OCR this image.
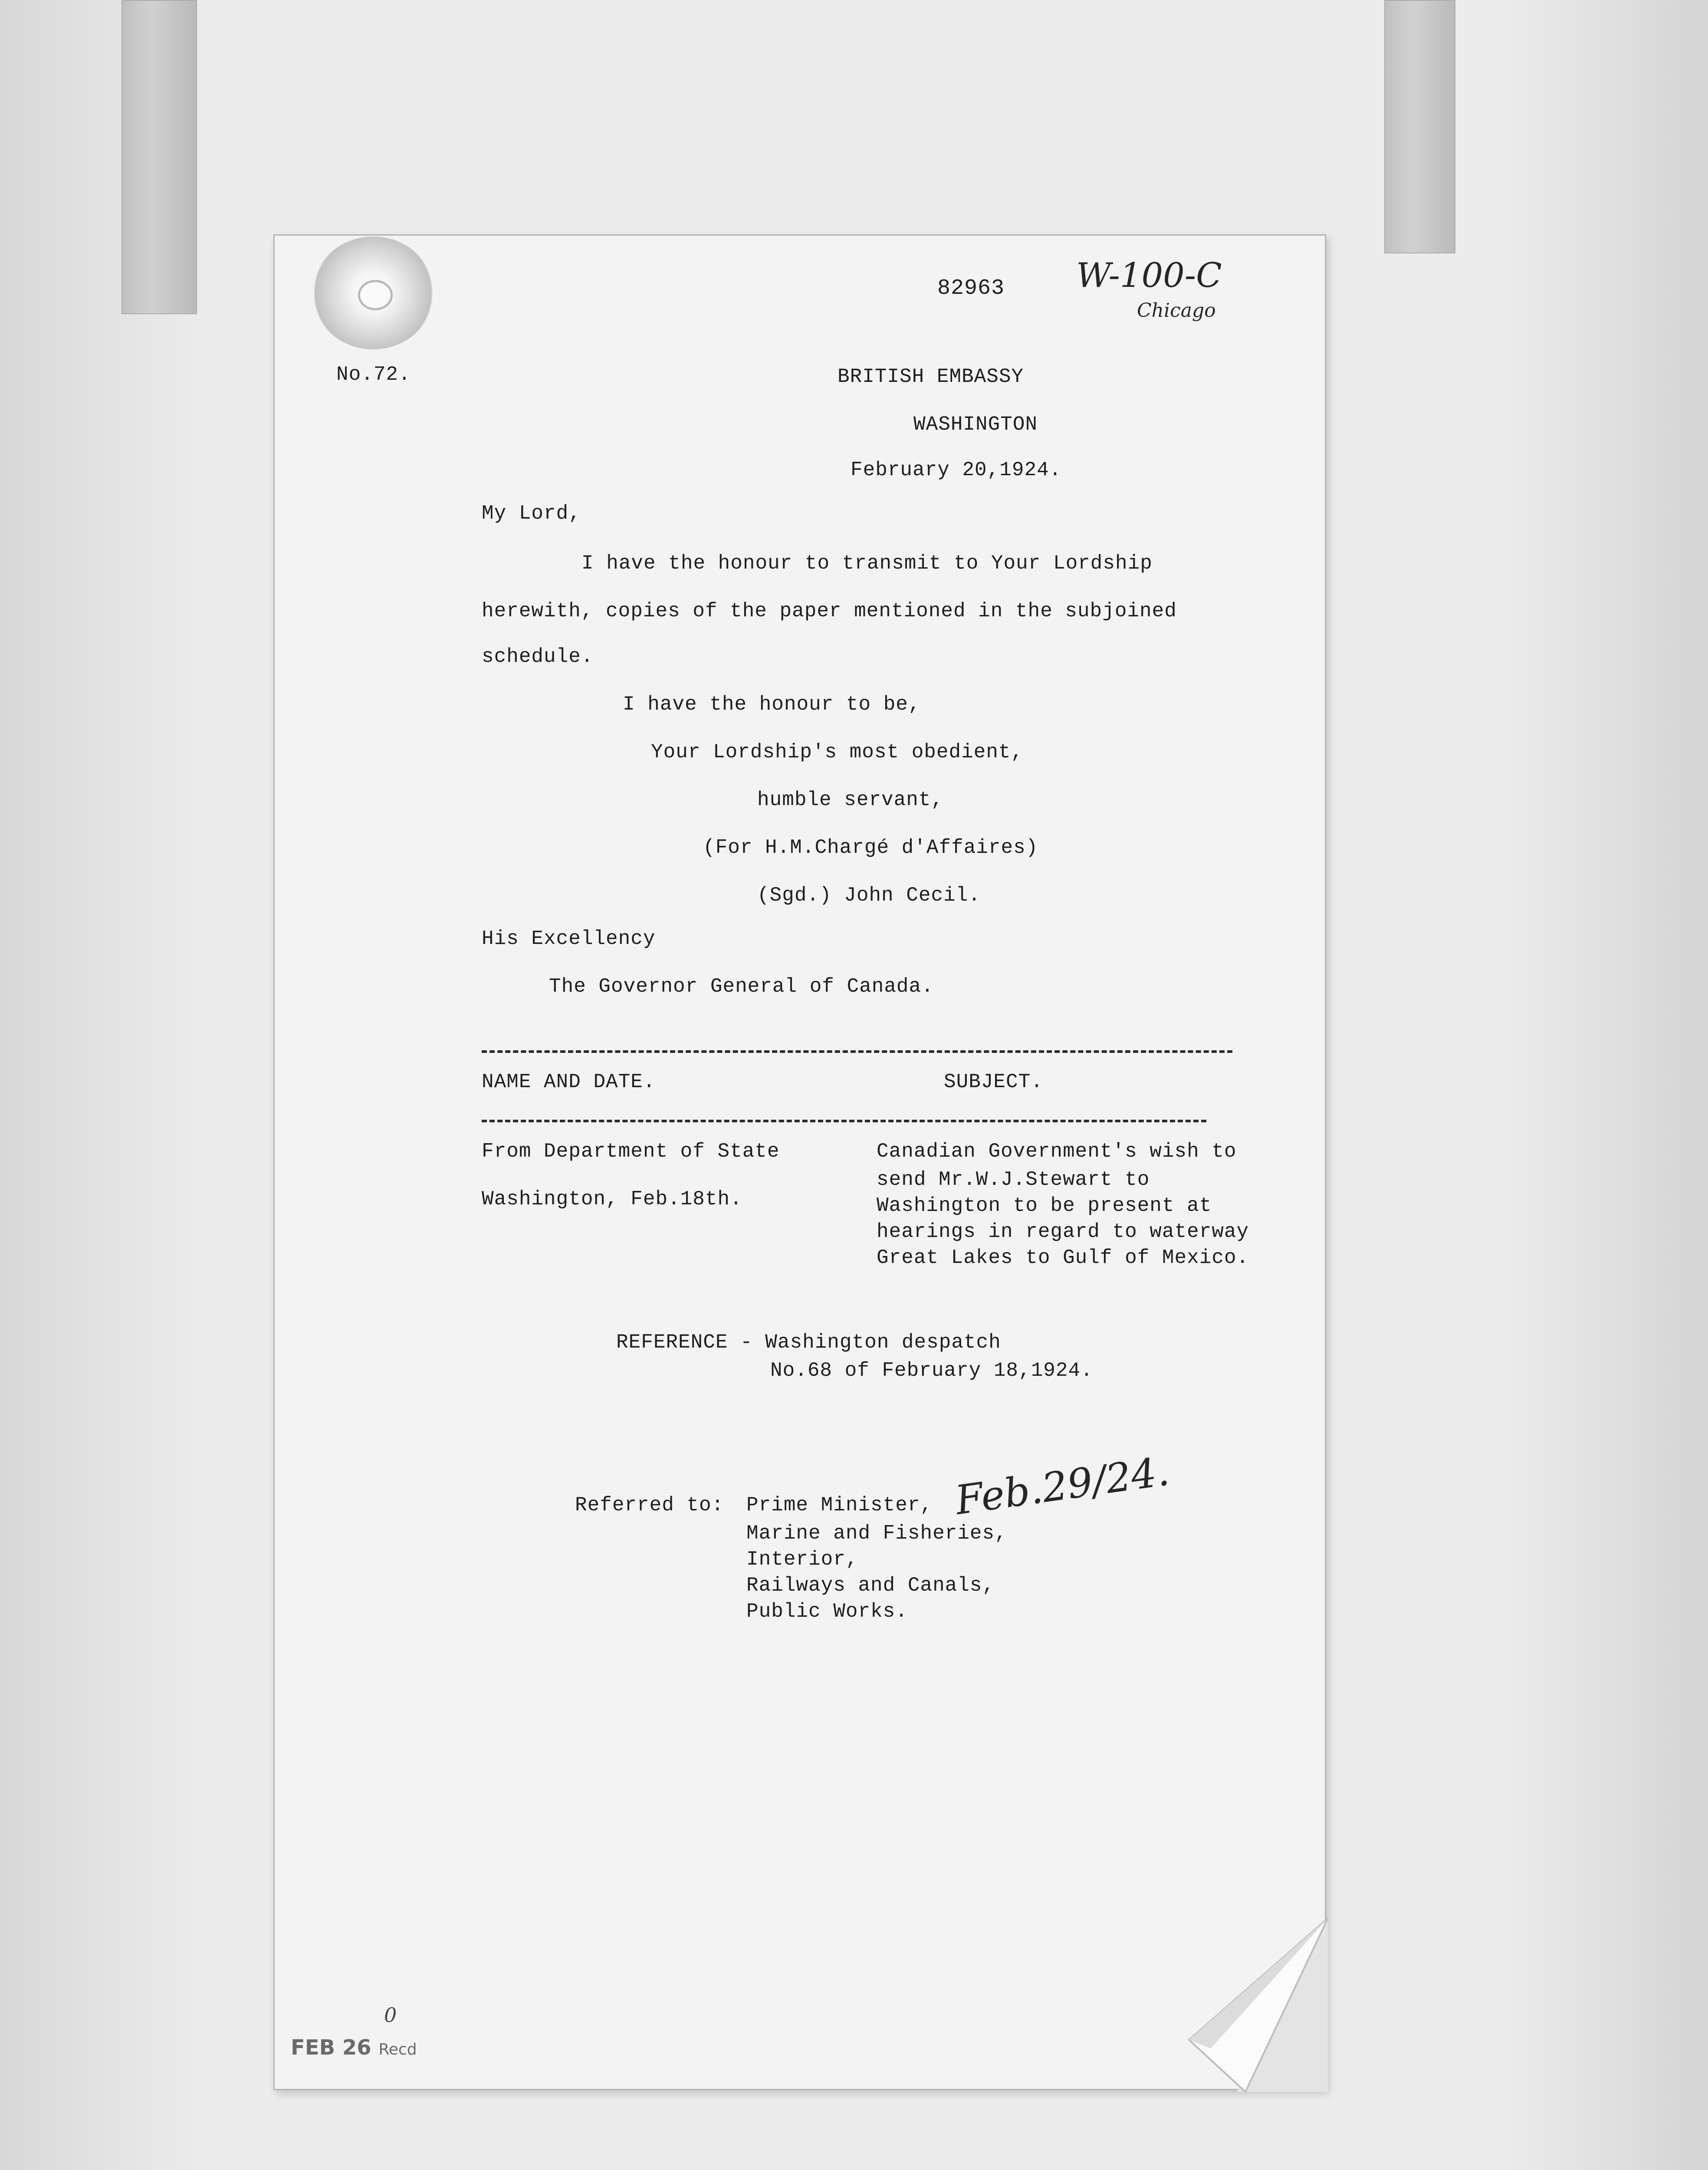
82963 W-100-C
Chicago
No.72.	BRITISH EMBASSY
WASHINGTON
February 20,1924.
My Lord,
I have the honour to transmit to Your Lordship
herewith, copies of the paper mentioned in the subjoined
schedule.
I have the honour to be,
Your Lordship's most obedient,
humble servant,
(For H.M.Chargé d'Affaires)
(Sgd.) John Cecil.
His Excellency
The Governor General of Canada.
NAME AND DATE.	SUBJECT.
From Department of State
Washington, Feb.18th.
Canadian Government's wish to
send Mr.W.J.Stewart to
Washington to be present at
hearings in regard to waterway
Great Lakes to Gulf of Mexico.
REFERENCE - Washington despatch
No.68 of February 18,1924.
Referred to: Prime Minister,
Marine and Fisheries,
Interior,
Railways and Canals,
Public Works.
Feb.29/24.
0
FEB 26 Recd
